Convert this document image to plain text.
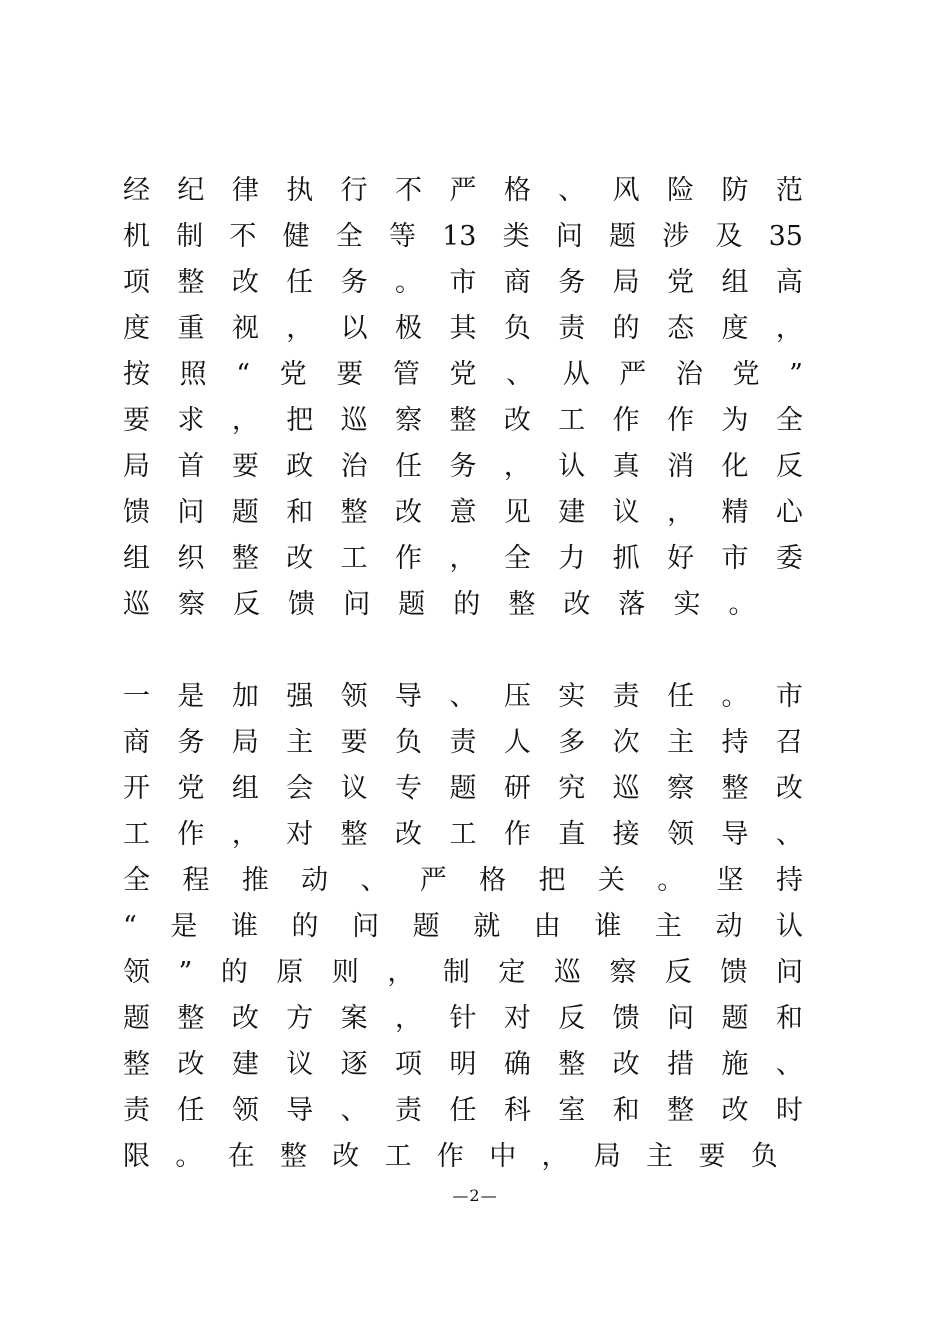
经 纪 律 执 行 不 严 格 、 风 险 防 范
机 制 不 健 全 等 13 类 问 题 涉 及 35
项 整 改 任 务 。 市 商 务 局 党 组 高
度 重 视 ， 以 极 其 负 责 的 态 度 ，
按 照 “ 党 要 管 党 、 从 严 治 党 ”
要 求 ， 把 巡 察 整 改 工 作 作 为 全
局 首 要 政 治 任 务 ， 认 真 消 化 反
馈 问 题 和 整 改 意 见 建 议 ， 精 心
组 织 整 改 工 作 ， 全 力 抓 好 市 委
巡	察	反	馈	问	题	的	整	改	落	实	。
一 是 加 强 领 导 、 压 实 责 任 。 市
商 务 局 主 要 负 责 人 多 次 主 持 召
开 党 组 会 议 专 题 研 究 巡 察 整 改
工 作 ， 对 整 改 工 作 直 接 领 导 、
全 程 推 动 、 严 格 把 关 。 坚 持
“ 是 谁 的 问 题 就 由 谁 主 动 认
领 ” 的 原 则 ， 制 定 巡 察 反 馈 问
题 整 改 方 案 ， 针 对 反 馈 问 题 和
整 改 建 议 逐 项 明 确 整 改 措 施 、
责 任 领 导 、 责 任 科 室 和 整 改 时
限 。 在 整 改 工 作 中 ， 局 主 要 负
—2—
